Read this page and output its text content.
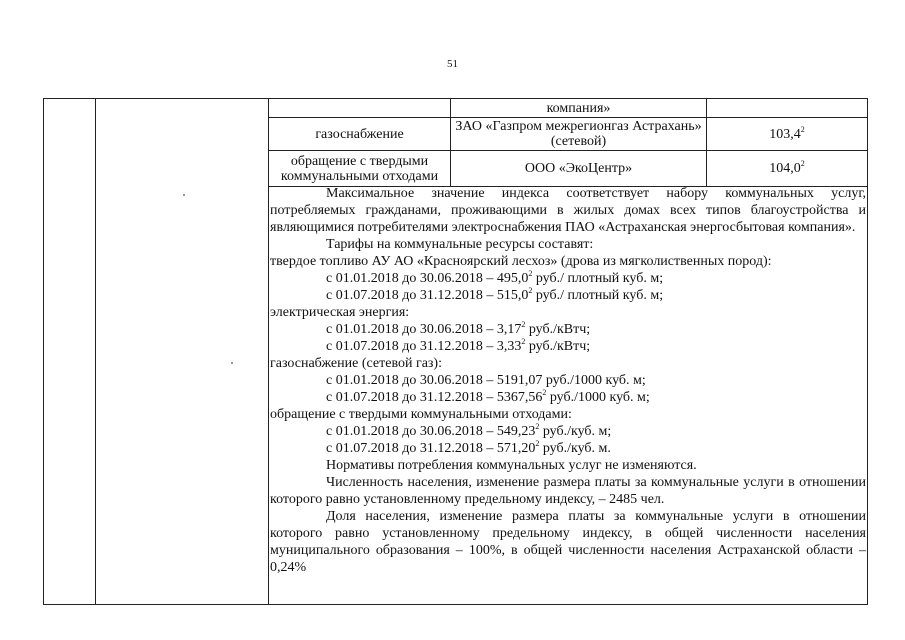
51
компания»
газоснабжение	ЗАО «Газпром межрегионгаз Астрахань» (сетевой)	103,4$^2$
обращение с твердыми коммунальными отходами	ООО «ЭкоЦентр»	104,0$^2$

Максимальное значение индекса соответствует набору коммунальных услуг, потребляемых гражданами, проживающими в жилых домах всех типов благоустройства и являющимися потребителями электроснабжения ПАО «Астраханская энергосбытовая компания».

Тарифы на коммунальные ресурсы составят:
твердое топливо АУ АО «Красноярский лесхоз» (дрова из мягколиственных пород):
с 01.01.2018 до 30.06.2018 – 495,0$^2$ руб./ плотный куб. м;
с 01.07.2018 до 31.12.2018 – 515,0$^2$ руб./ плотный куб. м;
электрическая энергия:
с 01.01.2018 до 30.06.2018 – 3,17$^2$ руб./кВтч;
с 01.07.2018 до 31.12.2018 – 3,33$^2$ руб./кВтч;
газоснабжение (сетевой газ):
с 01.01.2018 до 30.06.2018 – 5191,07 руб./1000 куб. м;
с 01.07.2018 до 31.12.2018 – 5367,56$^2$ руб./1000 куб. м;
обращение с твердыми коммунальными отходами:
с 01.01.2018 до 30.06.2018 – 549,23$^2$ руб./куб. м;
с 01.07.2018 до 31.12.2018 – 571,20$^2$ руб./куб. м.
Нормативы потребления коммунальных услуг не изменяются.

Численность населения, изменение размера платы за коммунальные услуги в отношении которого равно установленному предельному индексу, – 2485 чел.

Доля населения, изменение размера платы за коммунальные услуги в отношении которого равно установленному предельному индексу, в общей численности населения муниципального образования – 100%, в общей численности населения Астраханской области – 0,24%
